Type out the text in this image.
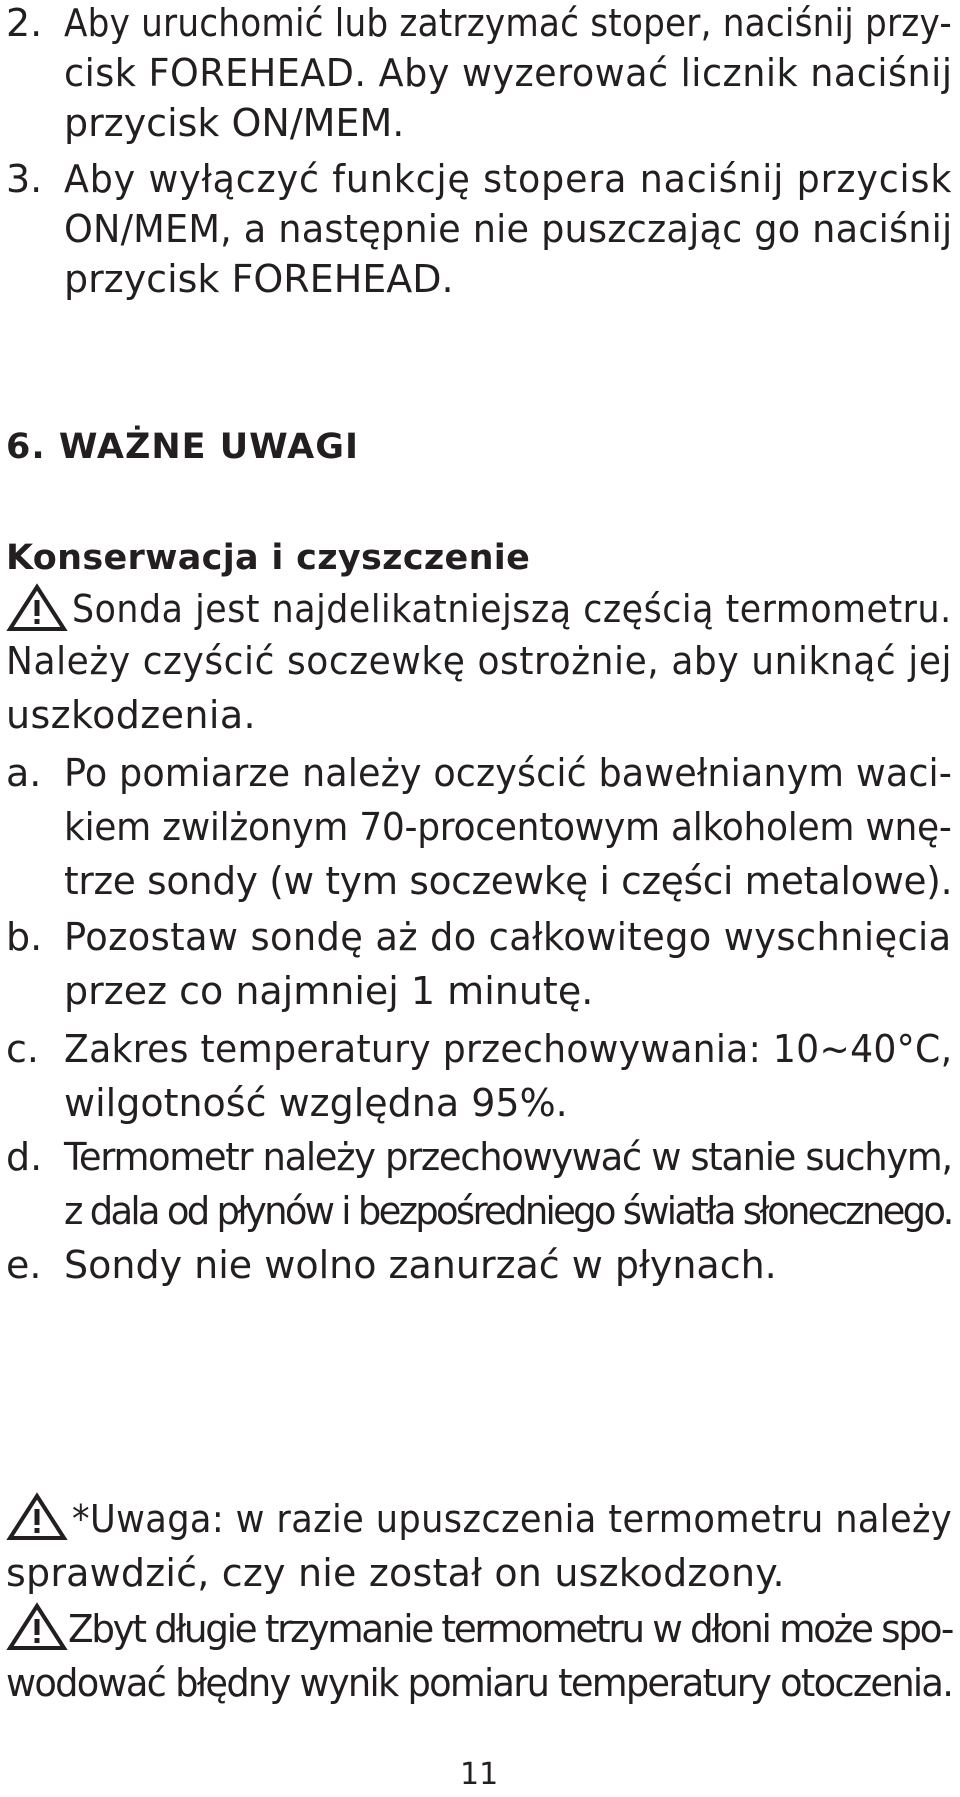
2. Aby uruchomić lub zatrzymać stoper, naciśnij przy-
cisk FOREHEAD. Aby wyzerować licznik naciśnij
przycisk ON/MEM.
3. Aby wyłączyć funkcję stopera naciśnij przycisk
ON/MEM, a następnie nie puszczając go naciśnij
przycisk FOREHEAD.
6. WAŻNE UWAGI
Konserwacja i czyszczenie
Sonda jest najdelikatniejszą częścią termometru.
Należy czyścić soczewkę ostrożnie, aby uniknąć jej
uszkodzenia.
a. Po pomiarze należy oczyścić bawełnianym waci-
kiem zwilżonym 70-procentowym alkoholem wnę-
trze sondy (w tym soczewkę i części metalowe).
b. Pozostaw sondę aż do całkowitego wyschnięcia
przez co najmniej 1 minutę.
c. Zakres temperatury przechowywania: 10~40°C,
wilgotność względna 95%.
d. Termometr należy przechowywać w stanie suchym,
z dala od płynów i bezpośredniego światła słonecznego.
e. Sondy nie wolno zanurzać w płynach.
*Uwaga: w razie upuszczenia termometru należy
sprawdzić, czy nie został on uszkodzony.
Zbyt długie trzymanie termometru w dłoni może spo-
wodować błędny wynik pomiaru temperatury otoczenia.
11
